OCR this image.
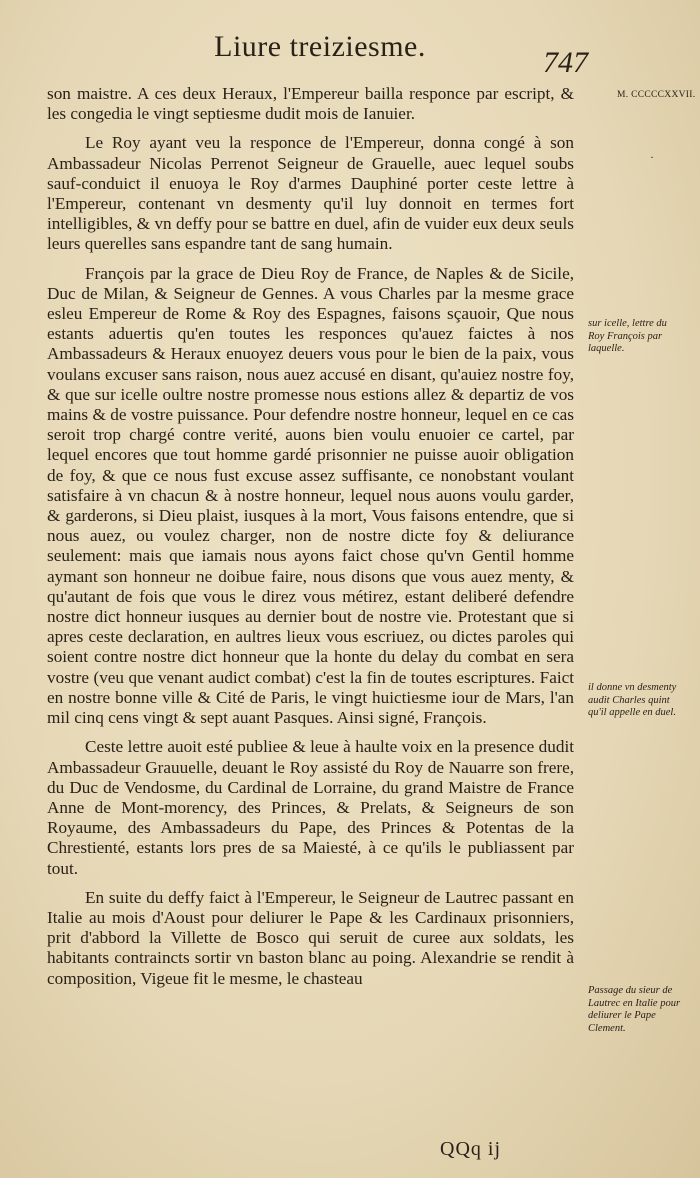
Liure treiziesme.	747
M. CCCCCXXVII.
·

son maistre. A ces deux Heraux, l'Empereur bailla responce par escript, & les congedia le vingt septiesme dudit mois de Ianuier.

Le Roy ayant veu la responce de l'Empereur, donna congé à son Ambassadeur Nicolas Perrenot Seigneur de Grauelle, auec lequel soubs sauf-conduict il enuoya le Roy d'armes Dauphiné porter ceste lettre à l'Empereur, contenant vn desmenty qu'il luy donnoit en termes fort intelligibles, & vn deffy pour se battre en duel, afin de vuider eux deux seuls leurs querelles sans espandre tant de sang humain.

François par la grace de Dieu Roy de France, de Naples & de Sicile, Duc de Milan, & Seigneur de Gennes. A vous Charles par la mesme grace esleu Empereur de Rome & Roy des Espagnes, faisons sçauoir, Que nous estants aduertis qu'en toutes les responces qu'auez faictes à nos Ambassadeurs & Heraux enuoyez deuers vous pour le bien de la paix, vous voulans excuser sans raison, nous auez accusé en disant, qu'auiez nostre foy, & que sur icelle oultre nostre promesse nous estions allez & departiz de vos mains & de vostre puissance. Pour defendre nostre honneur, lequel en ce cas seroit trop chargé contre verité, auons bien voulu enuoier ce cartel, par lequel encores que tout homme gardé prisonnier ne puisse auoir obligation de foy, & que ce nous fust excuse assez suffisante, ce nonobstant voulant satisfaire à vn chacun & à nostre honneur, lequel nous auons voulu garder, & garderons, si Dieu plaist, iusques à la mort, Vous faisons entendre, que si nous auez, ou voulez charger, non de nostre dicte foy & deliurance seulement: mais que iamais nous ayons faict chose qu'vn Gentil homme aymant son honneur ne doibue faire, nous disons que vous auez menty, & qu'autant de fois que vous le direz vous métirez, estant deliberé defendre nostre dict honneur iusques au dernier bout de nostre vie. Protestant que si apres ceste declaration, en aultres lieux vous escriuez, ou dictes paroles qui soient contre nostre dict honneur que la honte du delay du combat en sera vostre (veu que venant audict combat) c'est la fin de toutes escriptures. Faict en nostre bonne ville & Cité de Paris, le vingt huictiesme iour de Mars, l'an mil cinq cens vingt & sept auant Pasques. Ainsi signé, François.

Ceste lettre auoit esté publiee & leue à haulte voix en la presence dudit Ambassadeur Grauuelle, deuant le Roy assisté du Roy de Nauarre son frere, du Duc de Vendosme, du Cardinal de Lorraine, du grand Maistre de France Anne de Mont-morency, des Princes, & Prelats, & Seigneurs de son Royaume, des Ambassadeurs du Pape, des Princes & Potentas de la Chrestienté, estants lors pres de sa Maiesté, à ce qu'ils le publiassent par tout.

En suite du deffy faict à l'Empereur, le Seigneur de Lautrec passant en Italie au mois d'Aoust pour deliurer le Pape & les Cardinaux prisonniers, prit d'abbord la Villette de Bosco qui seruit de curee aux soldats, les habitants contraincts sortir vn baston blanc au poing. Alexandrie se rendit à composition, Vigeue fit le mesme, le chasteau

sur icelle, lettre du Roy François par laquelle.
il donne vn desmenty audit Charles quint qu'il appelle en duel.
Passage du sieur de Lautrec en Italie pour deliurer le Pape Clement.
QQq ij
